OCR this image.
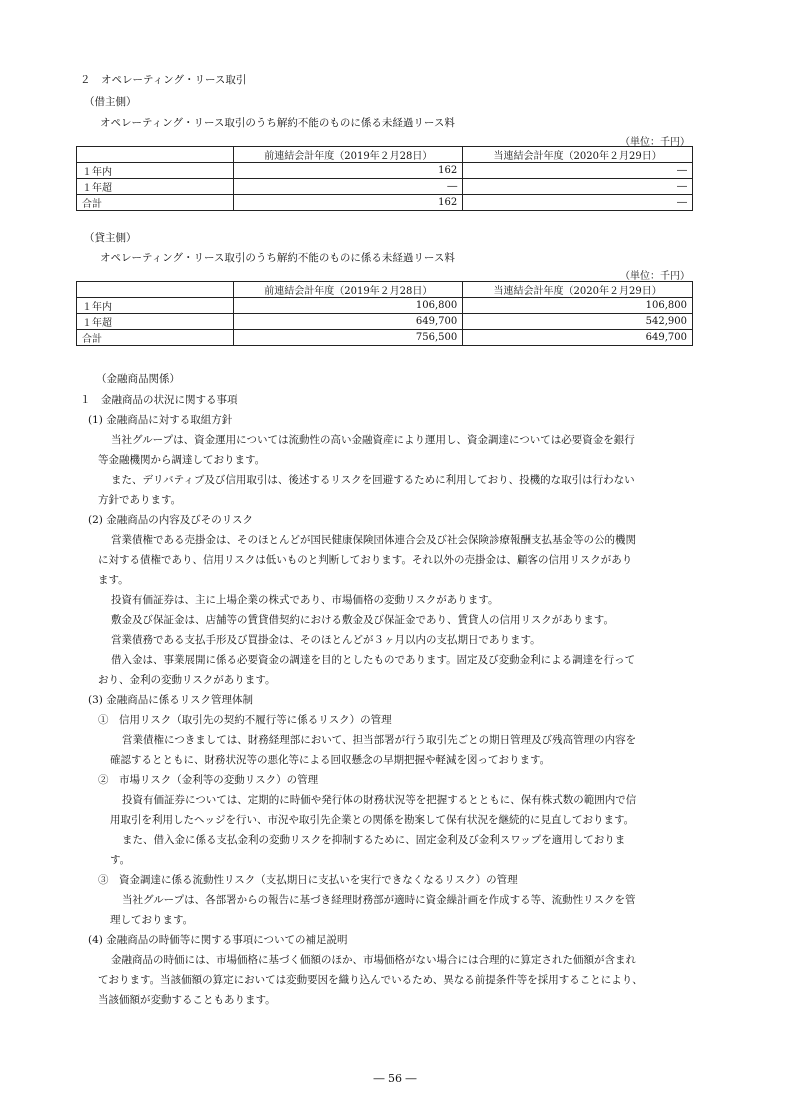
２　オペレーティング・リース取引
（借主側）
オペレーティング・リース取引のうち解約不能のものに係る未経過リース料
（単位：千円）
	前連結会計年度（2019年２月28日）	当連結会計年度（2020年２月29日）
１年内	162	―
１年超	―	―
合計	162	―
（貸主側）
オペレーティング・リース取引のうち解約不能のものに係る未経過リース料
（単位：千円）
	前連結会計年度（2019年２月28日）	当連結会計年度（2020年２月29日）
１年内	106,800	106,800
１年超	649,700	542,900
合計	756,500	649,700
（金融商品関係）
１　金融商品の状況に関する事項
(1) 金融商品に対する取組方針
当社グループは、資金運用については流動性の高い金融資産により運用し、資金調達については必要資金を銀行
等金融機関から調達しております。
また、デリバティブ及び信用取引は、後述するリスクを回避するために利用しており、投機的な取引は行わない
方針であります。
(2) 金融商品の内容及びそのリスク
営業債権である売掛金は、そのほとんどが国民健康保険団体連合会及び社会保険診療報酬支払基金等の公的機関
に対する債権であり、信用リスクは低いものと判断しております。それ以外の売掛金は、顧客の信用リスクがあり
ます。
投資有価証券は、主に上場企業の株式であり、市場価格の変動リスクがあります。
敷金及び保証金は、店舗等の賃貸借契約における敷金及び保証金であり、賃貸人の信用リスクがあります。
営業債務である支払手形及び買掛金は、そのほとんどが３ヶ月以内の支払期日であります。
借入金は、事業展開に係る必要資金の調達を目的としたものであります。固定及び変動金利による調達を行って
おり、金利の変動リスクがあります。
(3) 金融商品に係るリスク管理体制
①　信用リスク（取引先の契約不履行等に係るリスク）の管理
営業債権につきましては、財務経理部において、担当部署が行う取引先ごとの期日管理及び残高管理の内容を
確認するとともに、財務状況等の悪化等による回収懸念の早期把握や軽減を図っております。
②　市場リスク（金利等の変動リスク）の管理
投資有価証券については、定期的に時価や発行体の財務状況等を把握するとともに、保有株式数の範囲内で信
用取引を利用したヘッジを行い、市況や取引先企業との関係を勘案して保有状況を継続的に見直しております。
また、借入金に係る支払金利の変動リスクを抑制するために、固定金利及び金利スワップを適用しておりま
す。
③　資金調達に係る流動性リスク（支払期日に支払いを実行できなくなるリスク）の管理
当社グループは、各部署からの報告に基づき経理財務部が適時に資金繰計画を作成する等、流動性リスクを管
理しております。
(4) 金融商品の時価等に関する事項についての補足説明
金融商品の時価には、市場価格に基づく価額のほか、市場価格がない場合には合理的に算定された価額が含まれ
ております。当該価額の算定においては変動要因を織り込んでいるため、異なる前提条件等を採用することにより、
当該価額が変動することもあります。
― 56 ―
